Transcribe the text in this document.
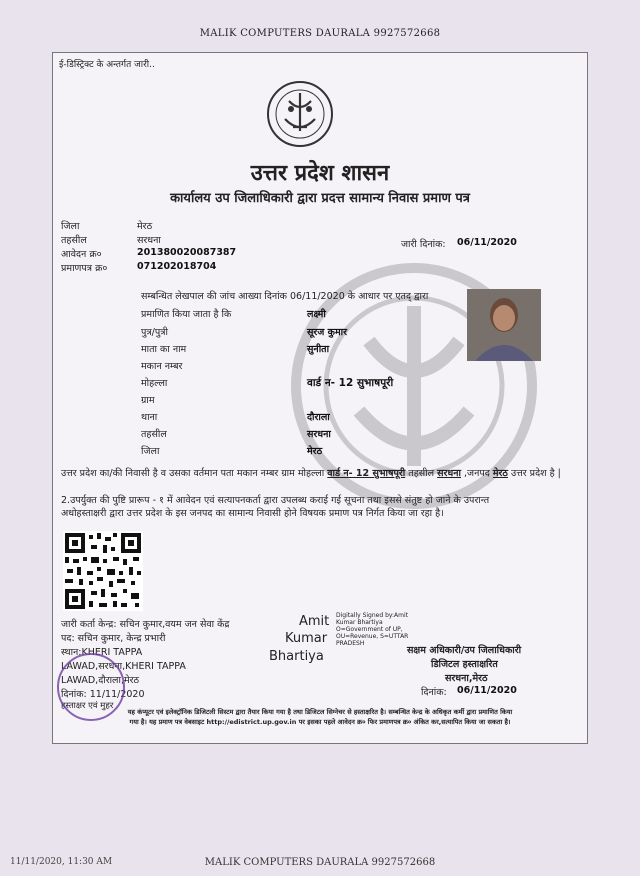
MALIK COMPUTERS DAURALA 9927572668
ई-डिस्ट्रिक्ट के अन्तर्गत जारी..
उत्तर प्रदेश शासन
कार्यालय उप जिलाधिकारी द्वारा प्रदत्त सामान्य निवास प्रमाण पत्र
जिला	मेरठ
तहसील	सरधना
आवेदन क्र०	201380020087387
प्रमाणपत्र क्र०	071202018704
जारी दिनांक: 06/11/2020
सम्बन्धित लेखपाल की जांच आख्या दिनांक 06/11/2020 के आधार पर एतद् द्वारा
प्रमाणित किया जाता है कि	लक्ष्मी
पुत्र/पुत्री	सूरज कुमार
माता का नाम	सुनीता
मकान नम्बर
मोहल्ला	वार्ड न- 12 सुभाषपूरी
ग्राम
थाना	दौराला
तहसील	सरधना
जिला	मेरठ
उत्तर प्रदेश का/की निवासी है व उसका वर्तमान पता मकान नम्बर ग्राम मोहल्ला वार्ड न- 12 सुभाषपूरी तहसील सरधना ,जनपद मेरठ उत्तर प्रदेश है |
2.उपर्युक्त की पुष्टि प्रारूप - १ में आवेदन एवं सत्यापनकर्ता द्वारा उपलब्ध कराई गई सूचना तथा इससे संतुष्ट हो जाने के उपरान्त
अधोहस्ताक्षरी द्वारा उत्तर प्रदेश के इस जनपद का सामान्य निवासी होने विषयक प्रमाण पत्र निर्गत किया जा रहा है।
जारी कर्ता केन्द्र: सचिन कुमार,वयम जन सेवा केंद्र
पद: सचिन कुमार, केन्द्र प्रभारी
स्थान:KHERI TAPPA
LAWAD,सरधना,KHERI TAPPA
LAWAD,दौराला,मेरठ
दिनांक: 11/11/2020
हस्ताक्षर एवं मुहर
Amit
Kumar
Bhartiya
Digitally Signed by:Amit
Kumar Bhartiya
O=Government of UP,
OU=Revenue, S=UTTAR
PRADESH
सक्षम अधिकारी/उप जिलाधिकारी
डिजिटल हस्ताक्षरित
सरधना,मेरठ
दिनांक: 06/11/2020
यह कंप्यूटर एवं इलेक्ट्रॉनिक डिजिटली सिस्टम द्वारा तैयार किया गया है तथा डिजिटल सिग्नेचर से हस्ताक्षरित है। सम्बन्धित केन्द्र के अधिकृत कर्मी द्वारा प्रमाणित किया
गया है। यह प्रमाण पत्र वेबसाइट http://edistrict.up.gov.in पर इसका पहले आवेदन क्र० फिर प्रमाणपत्र क्र० अंकित कर,सत्यापित किया जा सकता है।
11/11/2020, 11:30 AM	MALIK COMPUTERS DAURALA 9927572668
